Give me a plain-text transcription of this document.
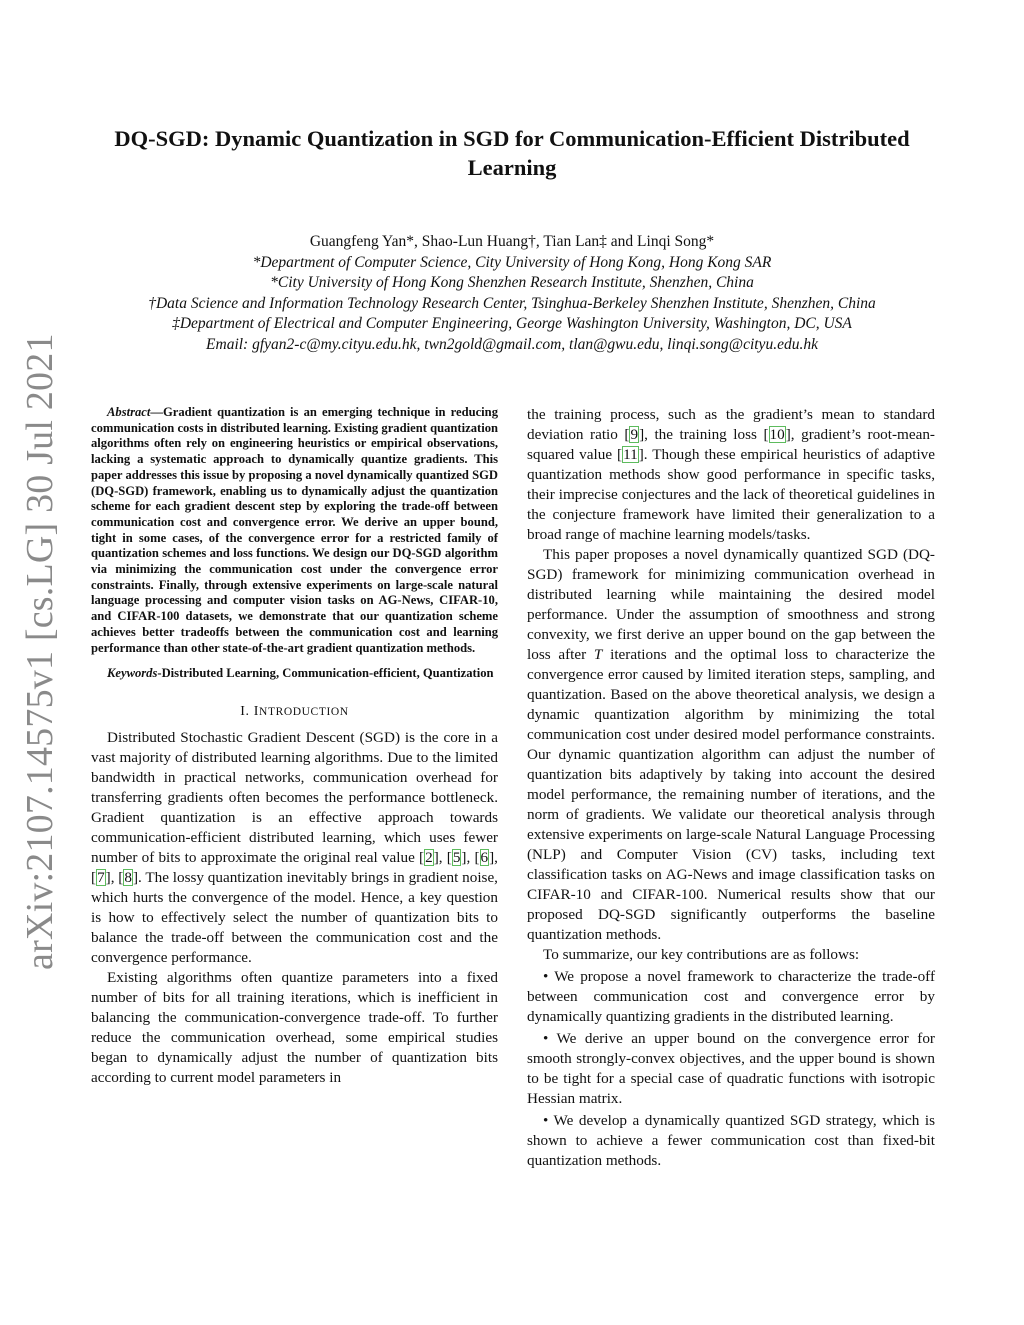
arXiv:2107.14575v1 [cs.LG] 30 Jul 2021
DQ-SGD: Dynamic Quantization in SGD for Communication-Efficient Distributed Learning
Guangfeng Yan*, Shao-Lun Huang†, Tian Lan‡ and Linqi Song*
*Department of Computer Science, City University of Hong Kong, Hong Kong SAR
*City University of Hong Kong Shenzhen Research Institute, Shenzhen, China
†Data Science and Information Technology Research Center, Tsinghua-Berkeley Shenzhen Institute, Shenzhen, China
‡Department of Electrical and Computer Engineering, George Washington University, Washington, DC, USA
Email: gfyan2-c@my.cityu.edu.hk, twn2gold@gmail.com, tlan@gwu.edu, linqi.song@cityu.edu.hk

Abstract—Gradient quantization is an emerging technique in reducing communication costs in distributed learning. Existing gradient quantization algorithms often rely on engineering heuristics or empirical observations, lacking a systematic approach to dynamically quantize gradients. This paper addresses this issue by proposing a novel dynamically quantized SGD (DQ-SGD) framework, enabling us to dynamically adjust the quantization scheme for each gradient descent step by exploring the trade-off between communication cost and convergence error. We derive an upper bound, tight in some cases, of the convergence error for a restricted family of quantization schemes and loss functions. We design our DQ-SGD algorithm via minimizing the communication cost under the convergence error constraints. Finally, through extensive experiments on large-scale natural language processing and computer vision tasks on AG-News, CIFAR-10, and CIFAR-100 datasets, we demonstrate that our quantization scheme achieves better tradeoffs between the communication cost and learning performance than other state-of-the-art gradient quantization methods.

Keywords-Distributed Learning, Communication-efficient, Quantization

I. INTRODUCTION

Distributed Stochastic Gradient Descent (SGD) is the core in a vast majority of distributed learning algorithms. Due to the limited bandwidth in practical networks, communication overhead for transferring gradients often becomes the performance bottleneck. Gradient quantization is an effective approach towards communication-efficient distributed learning, which uses fewer number of bits to approximate the original real value [2], [5], [6], [7], [8]. The lossy quantization inevitably brings in gradient noise, which hurts the convergence of the model. Hence, a key question is how to effectively select the number of quantization bits to balance the trade-off between the communication cost and the convergence performance.

Existing algorithms often quantize parameters into a fixed number of bits for all training iterations, which is inefficient in balancing the communication-convergence trade-off. To further reduce the communication overhead, some empirical studies began to dynamically adjust the number of quantization bits according to current model parameters in

the training process, such as the gradient’s mean to standard deviation ratio [9], the training loss [10], gradient’s root-mean-squared value [11]. Though these empirical heuristics of adaptive quantization methods show good performance in specific tasks, their imprecise conjectures and the lack of theoretical guidelines in the conjecture framework have limited their generalization to a broad range of machine learning models/tasks.

This paper proposes a novel dynamically quantized SGD (DQ-SGD) framework for minimizing communication overhead in distributed learning while maintaining the desired model performance. Under the assumption of smoothness and strong convexity, we first derive an upper bound on the gap between the loss after T iterations and the optimal loss to characterize the convergence error caused by limited iteration steps, sampling, and quantization. Based on the above theoretical analysis, we design a dynamic quantization algorithm by minimizing the total communication cost under desired model performance constraints. Our dynamic quantization algorithm can adjust the number of quantization bits adaptively by taking into account the desired model performance, the remaining number of iterations, and the norm of gradients. We validate our theoretical analysis through extensive experiments on large-scale Natural Language Processing (NLP) and Computer Vision (CV) tasks, including text classification tasks on AG-News and image classification tasks on CIFAR-10 and CIFAR-100. Numerical results show that our proposed DQ-SGD significantly outperforms the baseline quantization methods.

To summarize, our key contributions are as follows:

• We propose a novel framework to characterize the trade-off between communication cost and convergence error by dynamically quantizing gradients in the distributed learning.

• We derive an upper bound on the convergence error for smooth strongly-convex objectives, and the upper bound is shown to be tight for a special case of quadratic functions with isotropic Hessian matrix.

• We develop a dynamically quantized SGD strategy, which is shown to achieve a fewer communication cost than fixed-bit quantization methods.
